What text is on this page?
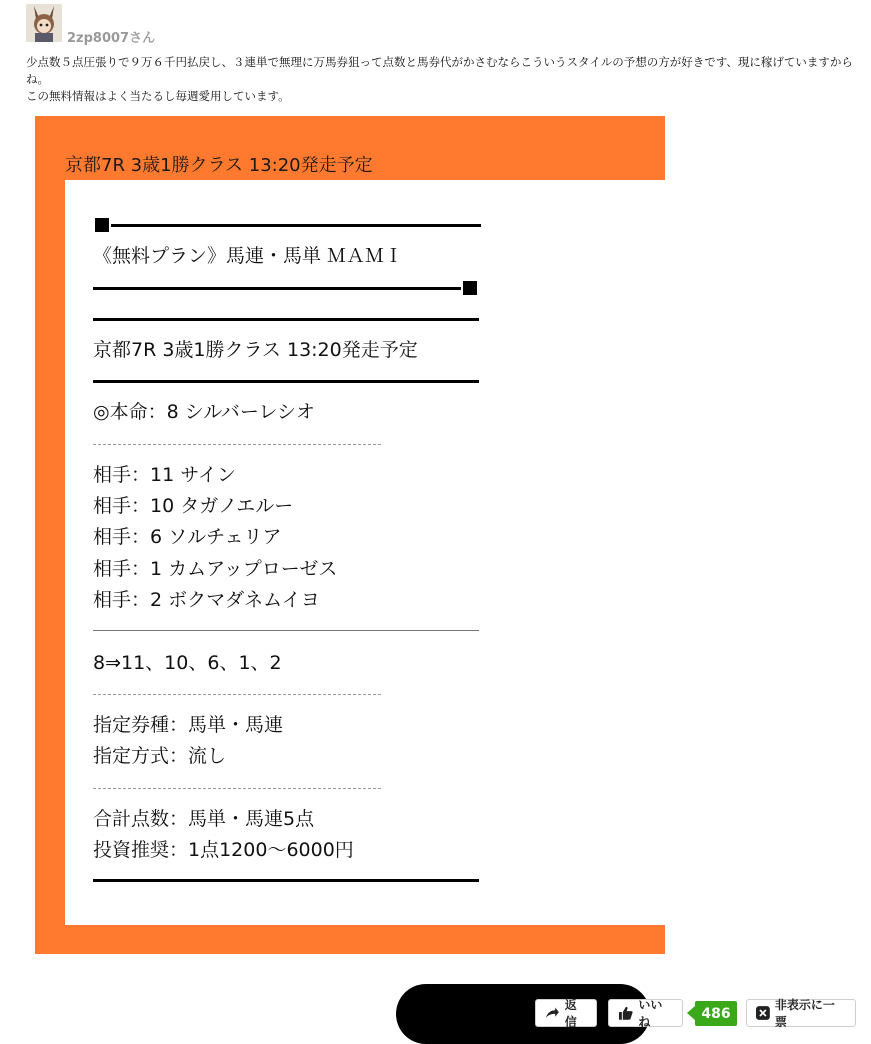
2zp8007さん

少点数５点圧張りで９万６千円払戻し、３連単で無理に万馬券狙って点数と馬券代がかさむならこういうスタイルの予想の方が好きです、現に稼げていますからね。

この無料情報はよく当たるし毎週愛用しています。

京都7R 3歳1勝クラス 13:20発走予定
《無料プラン》馬連・馬単 ＭＡＭＩ
京都7R 3歳1勝クラス 13:20発走予定
◎本命：8 シルバーレシオ
相手：11 サイン
相手：10 タガノエルー
相手：6 ソルチェリア
相手：1 カムアップローゼス
相手：2 ボクマダネムイヨ
8⇒11、10、6、1、2
指定券種：馬単・馬連
指定方式：流し
合計点数：馬単・馬連5点
投資推奨：1点1200〜6000円
返信
いいね
486
非表示に一票
